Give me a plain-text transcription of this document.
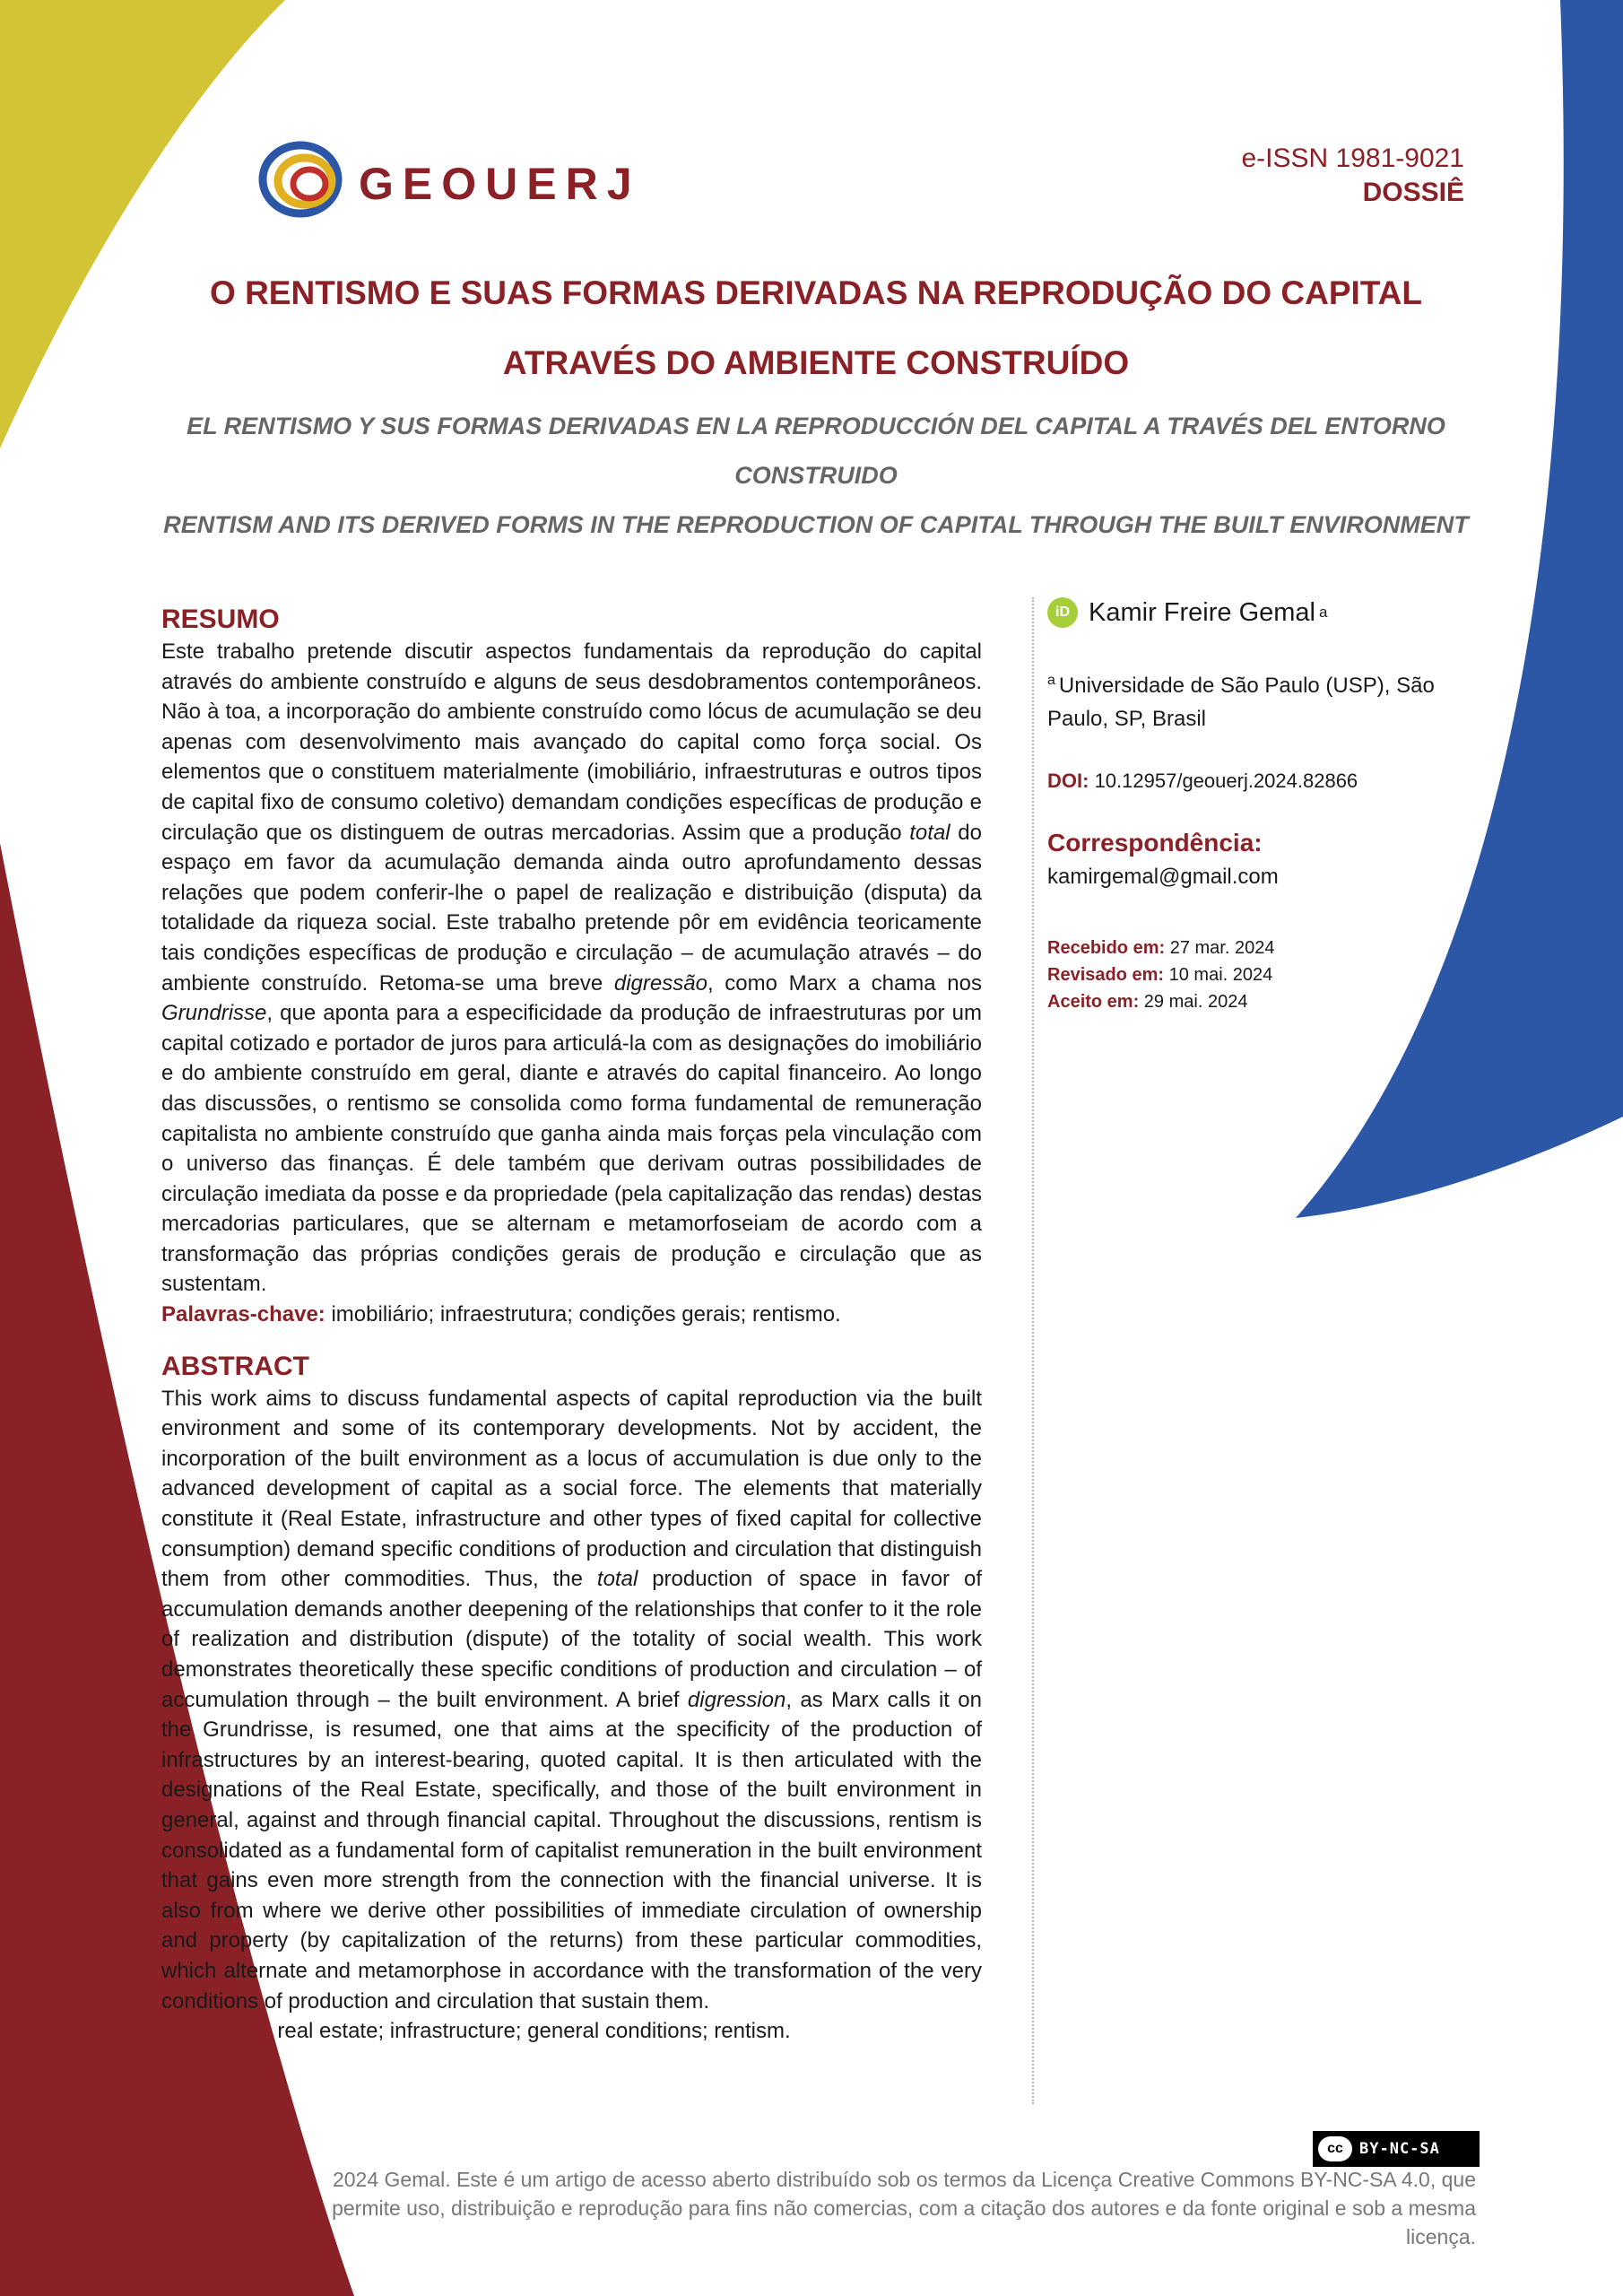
GEOUERJ
e-ISSN 1981-9021
DOSSIÊ
O RENTISMO E SUAS FORMAS DERIVADAS NA REPRODUÇÃO DO CAPITAL
ATRAVÉS DO AMBIENTE CONSTRUÍDO
EL RENTISMO Y SUS FORMAS DERIVADAS EN LA REPRODUCCIÓN DEL CAPITAL A TRAVÉS DEL ENTORNO CONSTRUIDO
RENTISM AND ITS DERIVED FORMS IN THE REPRODUCTION OF CAPITAL THROUGH THE BUILT ENVIRONMENT
RESUMO

Este trabalho pretende discutir aspectos fundamentais da reprodução do capital através do ambiente construído e alguns de seus desdobramentos contemporâneos. Não à toa, a incorporação do ambiente construído como lócus de acumulação se deu apenas com desenvolvimento mais avançado do capital como força social. Os elementos que o constituem materialmente (imobiliário, infraestruturas e outros tipos de capital fixo de consumo coletivo) demandam condições específicas de produção e circulação que os distinguem de outras mercadorias. Assim que a produção total do espaço em favor da acumulação demanda ainda outro aprofundamento dessas relações que podem conferir-lhe o papel de realização e distribuição (disputa) da totalidade da riqueza social. Este trabalho pretende pôr em evidência teoricamente tais condições específicas de produção e circulação – de acumulação através – do ambiente construído. Retoma-se uma breve digressão, como Marx a chama nos Grundrisse, que aponta para a especificidade da produção de infraestruturas por um capital cotizado e portador de juros para articulá-la com as designações do imobiliário e do ambiente construído em geral, diante e através do capital financeiro. Ao longo das discussões, o rentismo se consolida como forma fundamental de remuneração capitalista no ambiente construído que ganha ainda mais forças pela vinculação com o universo das finanças. É dele também que derivam outras possibilidades de circulação imediata da posse e da propriedade (pela capitalização das rendas) destas mercadorias particulares, que se alternam e metamorfoseiam de acordo com a transformação das próprias condições gerais de produção e circulação que as sustentam.

Palavras-chave: imobiliário; infraestrutura; condições gerais; rentismo.

ABSTRACT

This work aims to discuss fundamental aspects of capital reproduction via the built environment and some of its contemporary developments. Not by accident, the incorporation of the built environment as a locus of accumulation is due only to the advanced development of capital as a social force. The elements that materially constitute it (Real Estate, infrastructure and other types of fixed capital for collective consumption) demand specific conditions of production and circulation that distinguish them from other commodities. Thus, the total production of space in favor of accumulation demands another deepening of the relationships that confer to it the role of realization and distribution (dispute) of the totality of social wealth. This work demonstrates theoretically these specific conditions of production and circulation – of accumulation through – the built environment. A brief digression, as Marx calls it on the Grundrisse, is resumed, one that aims at the specificity of the production of infrastructures by an interest-bearing, quoted capital. It is then articulated with the designations of the Real Estate, specifically, and those of the built environment in general, against and through financial capital. Throughout the discussions, rentism is consolidated as a fundamental form of capitalist remuneration in the built environment that gains even more strength from the connection with the financial universe. It is also from where we derive other possibilities of immediate circulation of ownership and property (by capitalization of the returns) from these particular commodities, which alternate and metamorphose in accordance with the transformation of the very conditions of production and circulation that sustain them.

Keywords: real estate; infrastructure; general conditions; rentism.

iD Kamir Freire Gemal a
$^a$ Universidade de São Paulo (USP), São Paulo, SP, Brasil
DOI: 10.12957/geouerj.2024.82866
Correspondência:
kamirgemal@gmail.com
Recebido em: 27 mar. 2024
Revisado em: 10 mai. 2024
Aceito em: 29 mai. 2024
cc	BY-NC-SA
2024 Gemal. Este é um artigo de acesso aberto distribuído sob os termos da Licença Creative Commons BY-NC-SA 4.0, que permite uso, distribuição e reprodução para fins não comercias, com a citação dos autores e da fonte original e sob a mesma licença.
